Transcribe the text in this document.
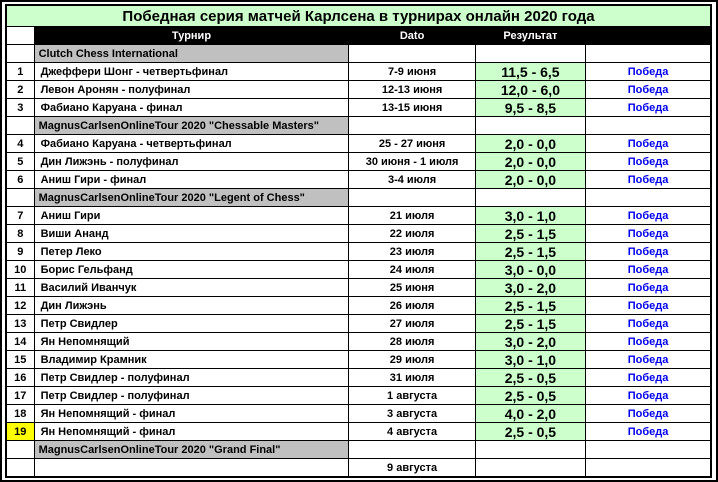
Победная серия матчей Карлсена в турнирах онлайн 2020 года				
	Турнир	Dato	Результат	
	Clutch Chess International			
1	Джеффери Шонг - четвертьфинал	7-9 июня	11,5 - 6,5	Победа
2	Левон Аронян - полуфинал	12-13 июня	12,0 - 6,0	Победа
3	Фабиано Каруана - финал	13-15 июня	9,5 - 8,5	Победа
	MagnusCarlsenOnlineTour 2020 "Chessable Masters"			
4	Фабиано Каруана - четвертьфинал	25 - 27 июня	2,0 - 0,0	Победа
5	Дин Лижэнь - полуфинал	30 июня - 1 июля	2,0 - 0,0	Победа
6	Аниш Гири - финал	3-4 июля	2,0 - 0,0	Победа
	MagnusCarlsenOnlineTour 2020 "Legent of Chess"			
7	Аниш Гири	21 июля	3,0 - 1,0	Победа
8	Виши Ананд	22 июля	2,5 - 1,5	Победа
9	Петер Леко	23 июля	2,5 - 1,5	Победа
10	Борис Гельфанд	24 июля	3,0 - 0,0	Победа
11	Василий Иванчук	25 июня	3,0 - 2,0	Победа
12	Дин Лижэнь	26 июля	2,5 - 1,5	Победа
13	Петр Свидлер	27 июля	2,5 - 1,5	Победа
14	Ян Непомнящий	28 июля	3,0 - 2,0	Победа
15	Владимир Крамник	29 июля	3,0 - 1,0	Победа
16	Петр Свидлер - полуфинал	31 июля	2,5 - 0,5	Победа
17	Петр Свидлер - полуфинал	1 августа	2,5 - 0,5	Победа
18	Ян Непомнящий - финал	3 августа	4,0 - 2,0	Победа
19	Ян Непомнящий - финал	4 августа	2,5 - 0,5	Победа
	MagnusCarlsenOnlineTour 2020 "Grand Final"			
		9 августа		
